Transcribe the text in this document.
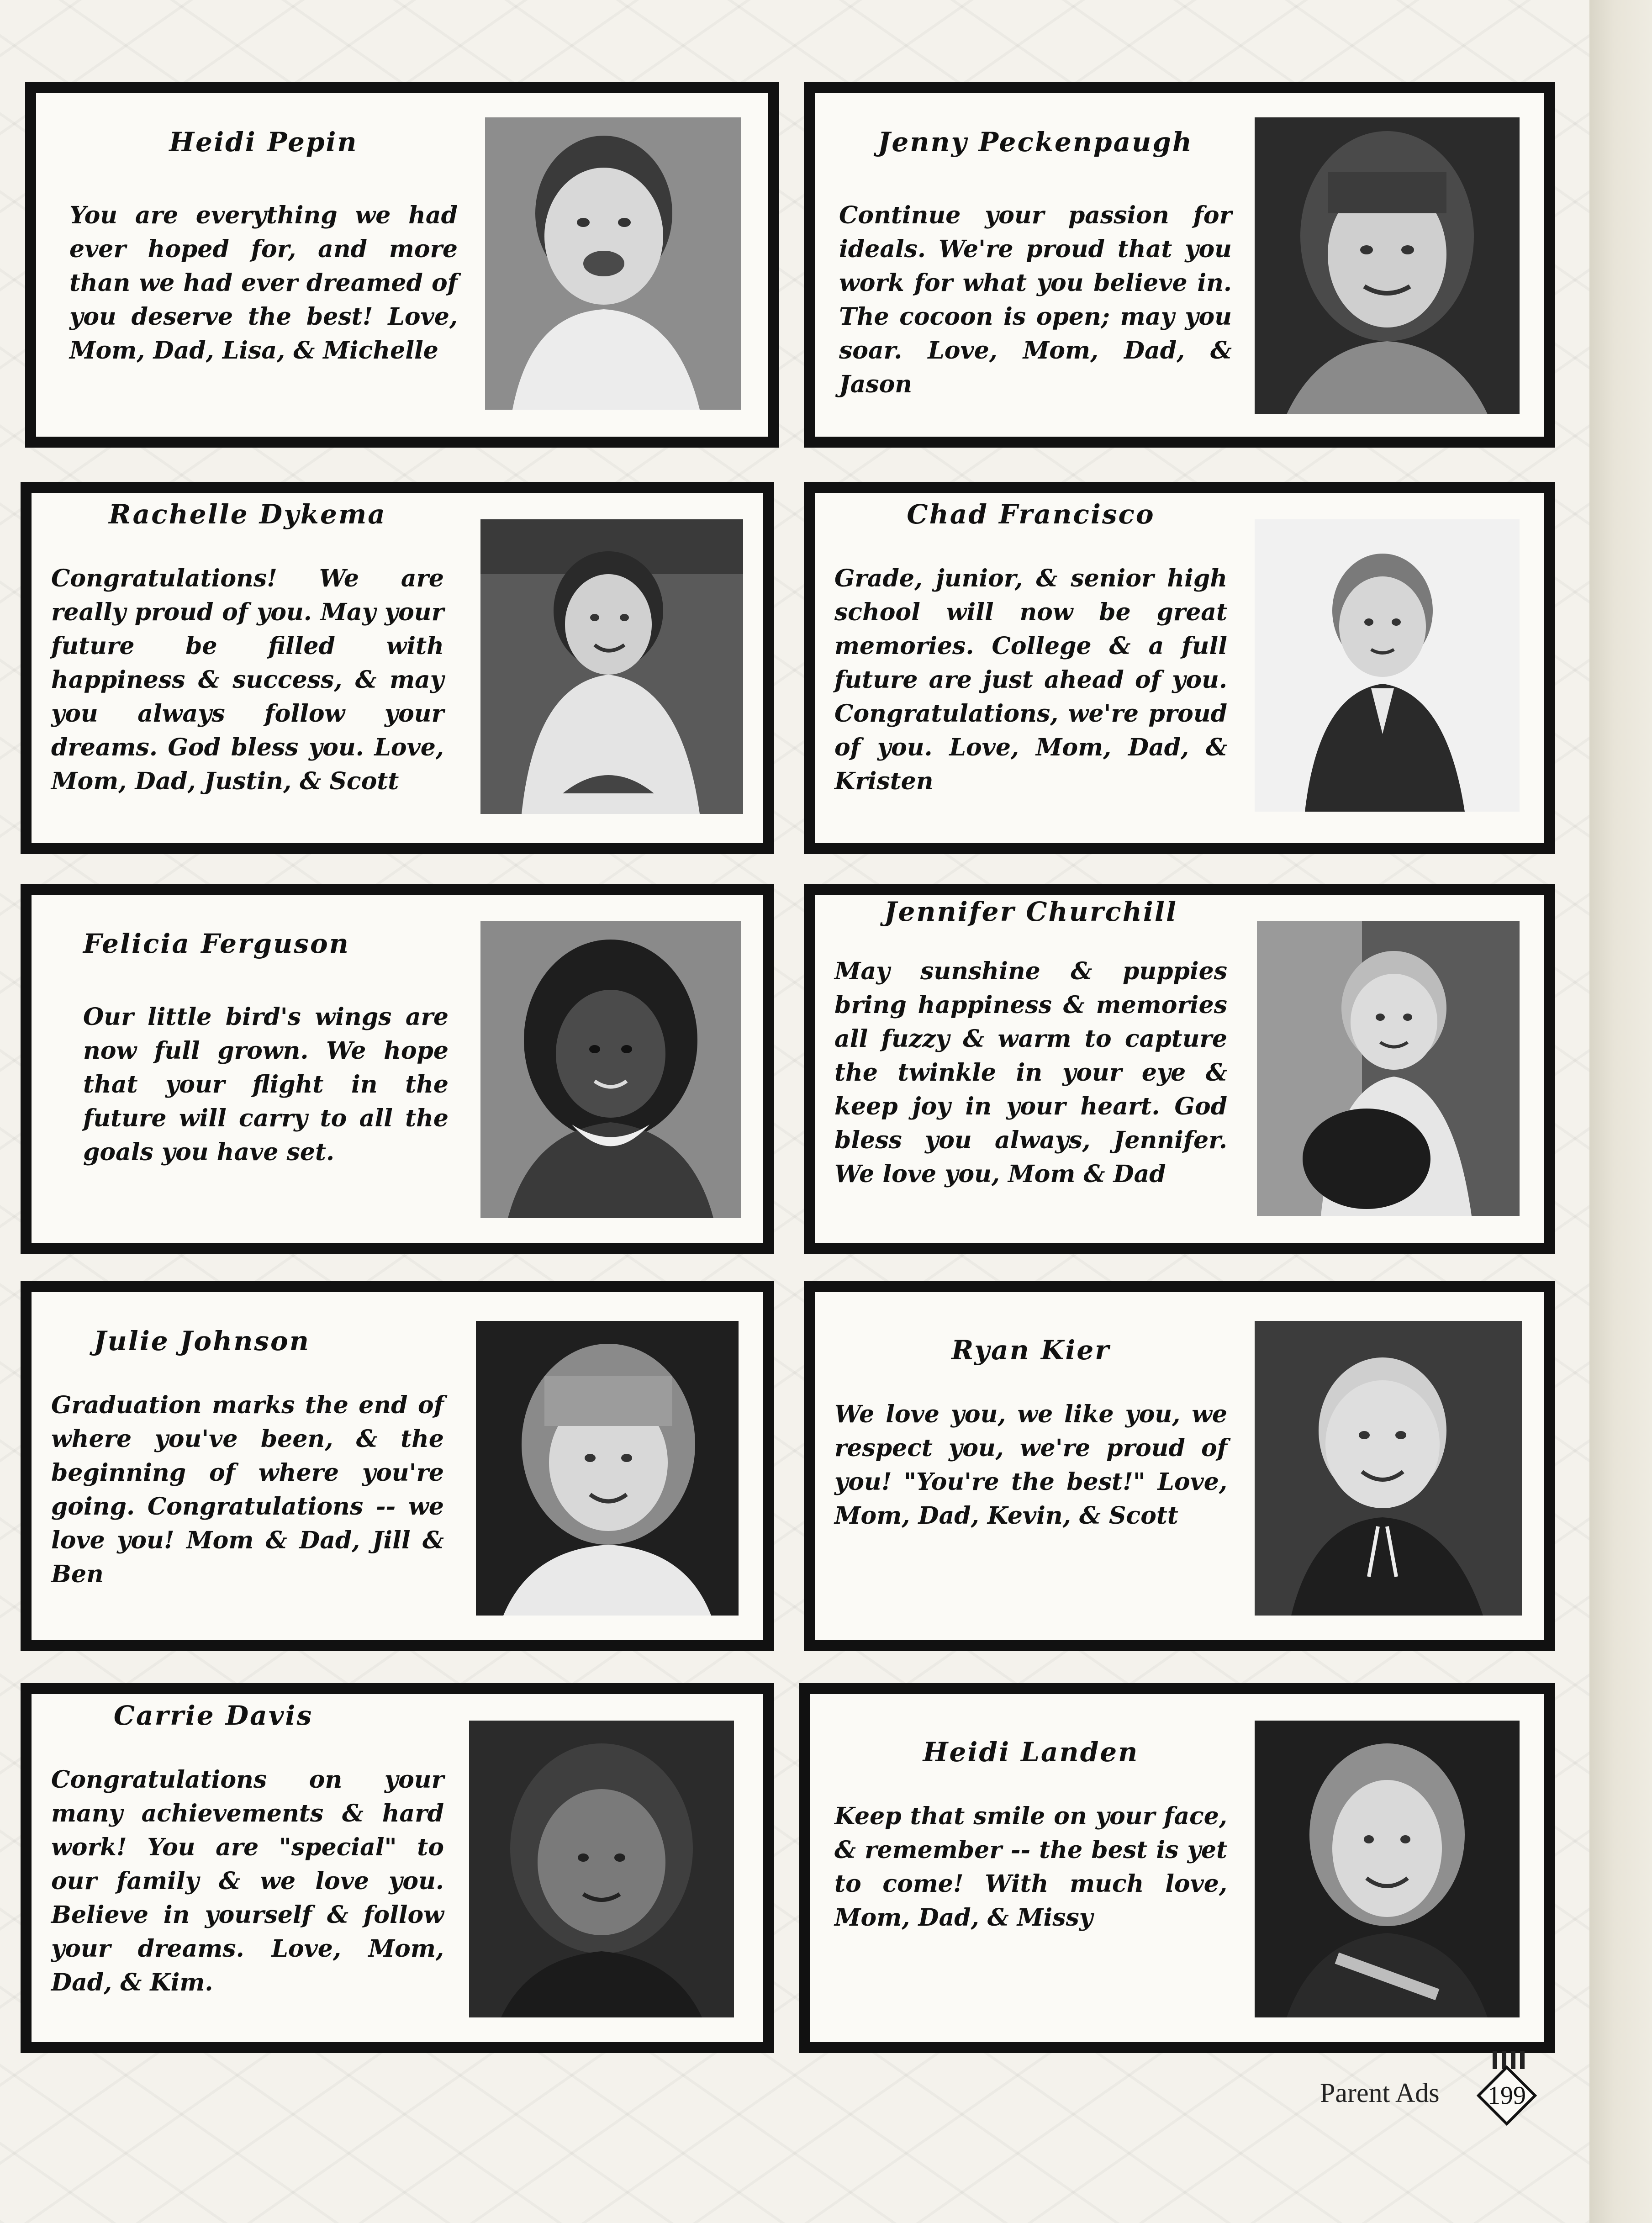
Heidi Pepin

You are everything we had ever hoped for, and more than we had ever dreamed of you deserve the best! Love, Mom, Dad, Lisa, & Michelle

Jenny Peckenpaugh

Continue your passion for ideals. We're proud that you work for what you believe in. The cocoon is open; may you soar. Love, Mom, Dad, & Jason

Rachelle Dykema

Congratulations! We are really proud of you. May your future be filled with happiness & success, & may you always follow your dreams. God bless you. Love, Mom, Dad, Justin, & Scott

Chad Francisco

Grade, junior, & senior high school will now be great memories. College & a full future are just ahead of you. Congratulations, we're proud of you. Love, Mom, Dad, & Kristen

Felicia Ferguson

Our little bird's wings are now full grown. We hope that your flight in the future will carry to all the goals you have set.

Jennifer Churchill

May sunshine & puppies bring happiness & memories all fuzzy & warm to capture the twinkle in your eye & keep joy in your heart. God bless you always, Jennifer. We love you, Mom & Dad

Julie Johnson

Graduation marks the end of where you've been, & the beginning of where you're going. Congratulations -- we love you! Mom & Dad, Jill & Ben

Ryan Kier

We love you, we like you, we respect you, we're proud of you! "You're the best!" Love, Mom, Dad, Kevin, & Scott

Carrie Davis

Congratulations on your many achievements & hard work! You are "special" to our family & we love you. Believe in yourself & follow your dreams. Love, Mom, Dad, & Kim.

Heidi Landen

Keep that smile on your face, & remember -- the best is yet to come! With much love, Mom, Dad, & Missy

Parent Ads	199
